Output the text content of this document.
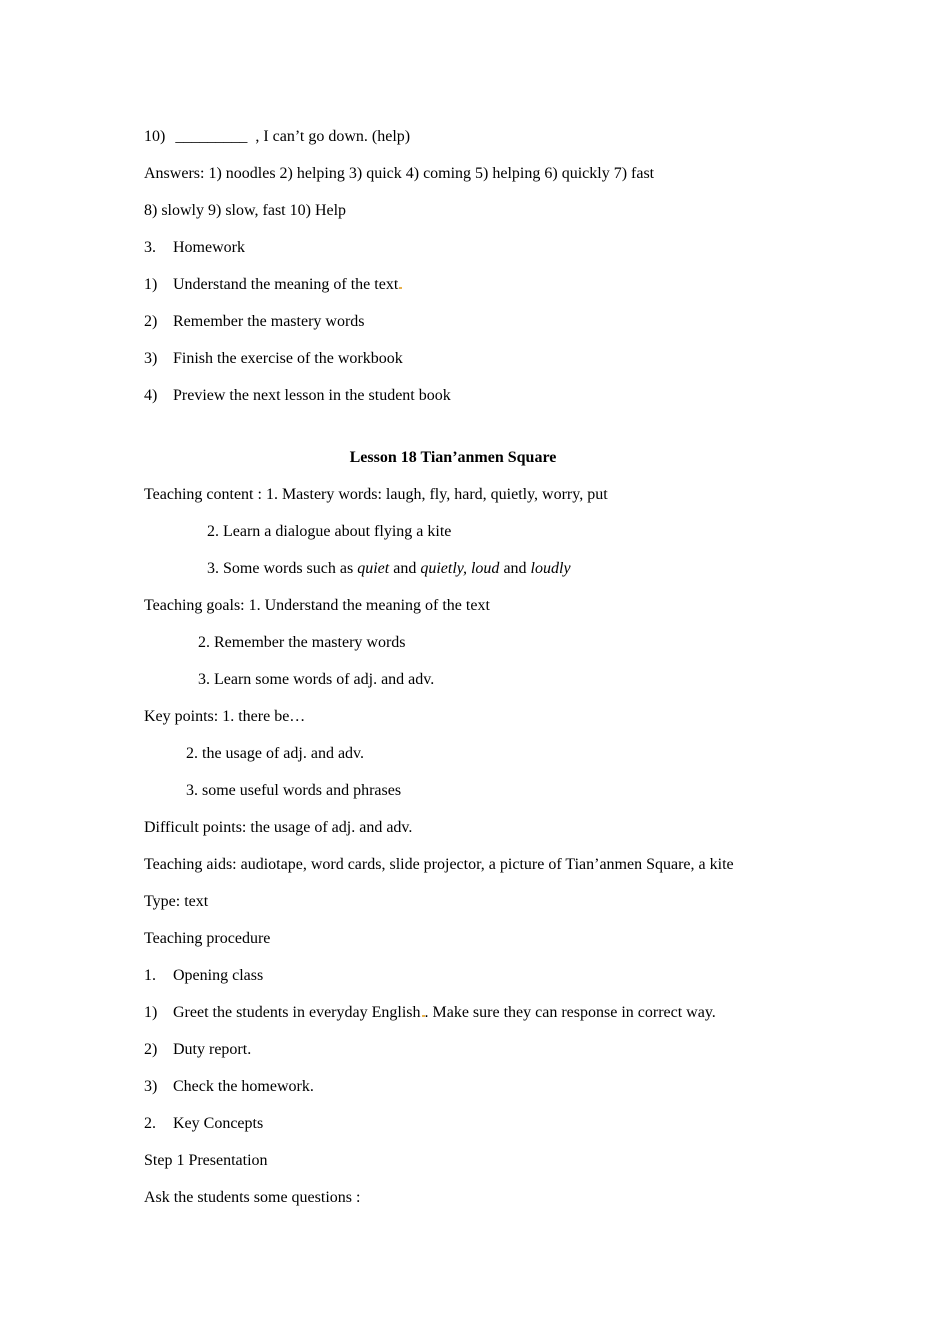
10) _________ , I can’t go down. (help)
Answers: 1) noodles 2) helping 3) quick 4) coming 5) helping 6) quickly 7) fast
8) slowly 9) slow, fast 10) Help
3. Homework
1) Understand the meaning of the text
2) Remember the mastery words
3) Finish the exercise of the workbook
4) Preview the next lesson in the student book
Lesson 18 Tian’anmen Square
Teaching content : 1. Mastery words: laugh, fly, hard, quietly, worry, put
2. Learn a dialogue about flying a kite
3. Some words such as quiet and quietly, loud and loudly
Teaching goals: 1. Understand the meaning of the text
2. Remember the mastery words
3. Learn some words of adj. and adv.
Key points: 1. there be…
2. the usage of adj. and adv.
3. some useful words and phrases
Difficult points: the usage of adj. and adv.
Teaching aids: audiotape, word cards, slide projector, a picture of Tian’anmen Square, a kite
Type: text
Teaching procedure
1. Opening class
1) Greet the students in everyday English . Make sure they can response in correct way.
2) Duty report.
3) Check the homework.
2. Key Concepts
Step 1 Presentation
Ask the students some questions :
